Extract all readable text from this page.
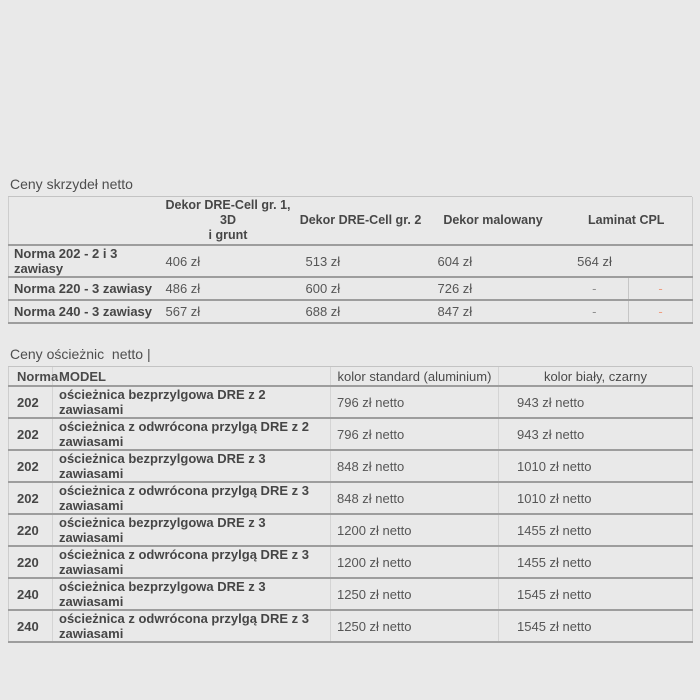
Ceny skrzydeł netto

	Dekor DRE-Cell gr. 1, 3D
i grunt	Dekor DRE-Cell gr. 2	Dekor malowany	Laminat CPL	
Norma 202 - 2 i 3 zawiasy	406 zł	513 zł	604 zł	564 zł	
Norma 220 - 3 zawiasy	486 zł	600 zł	726 zł	-	-
Norma 240 - 3 zawiasy	567 zł	688 zł	847 zł	-	-
Ceny ościeżnic  netto |
Norma	MODEL	kolor standard (aluminium)	kolor biały, czarny
202	ościeżnica bezprzylgowa DRE z 2 zawiasami	796 zł netto	943 zł netto
202	ościeżnica z odwrócona przylgą DRE z 2 zawiasami	796 zł netto	943 zł netto
202	ościeżnica bezprzylgowa DRE z 3 zawiasami	848 zł netto	1010 zł netto
202	ościeżnica z odwrócona przylgą DRE z 3 zawiasami	848 zł netto	1010 zł netto
220	ościeżnica bezprzylgowa DRE z 3 zawiasami	1200 zł netto	1455 zł netto
220	ościeżnica z odwrócona przylgą DRE z 3 zawiasami	1200 zł netto	1455 zł netto
240	ościeżnica bezprzylgowa DRE z 3 zawiasami	1250 zł netto	1545 zł netto
240	ościeżnica z odwrócona przylgą DRE z 3 zawiasami	1250 zł netto	1545 zł netto
